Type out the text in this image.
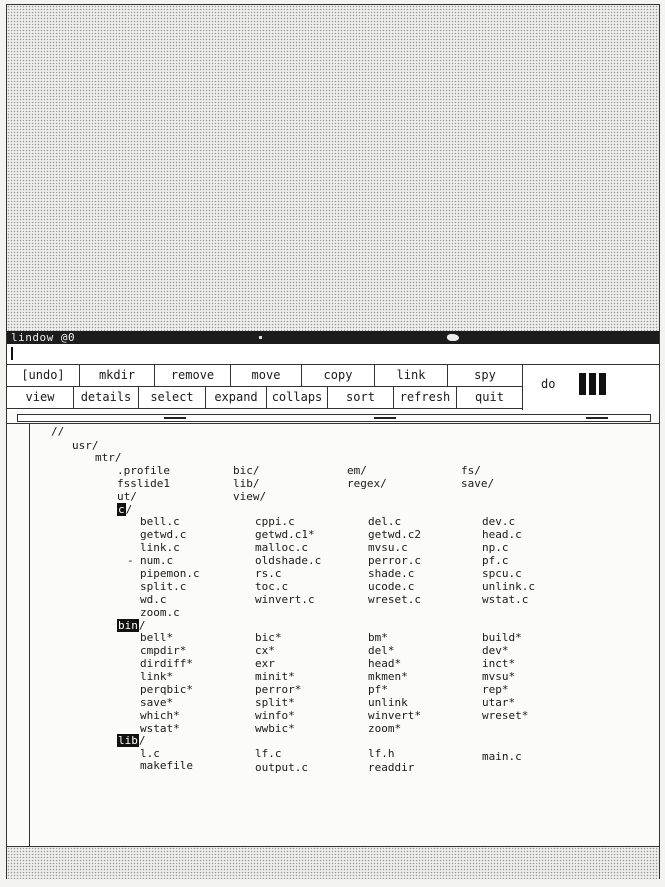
lindow @0
[undo]	mkdir	remove	move	copy	link	spy
view	details	select	expand	collaps	sort	refresh	quit
do
//
usr/
mtr/
.profile	bic/	em/	fs/
fsslide1	lib/	regex/	save/
ut/	view/
c/
bell.c	cppi.c	del.c	dev.c
getwd.c	getwd.c1*	getwd.c2	head.c
link.c	malloc.c	mvsu.c	np.c
- num.c	oldshade.c	perror.c	pf.c
pipemon.c	rs.c	shade.c	spcu.c
split.c	toc.c	ucode.c	unlink.c
wd.c	winvert.c	wreset.c	wstat.c
zoom.c
bin/
bell*	bic*	bm*	build*
cmpdir*	cx*	del*	dev*
dirdiff*	exr	head*	inct*
link*	minit*	mkmen*	mvsu*
perqbic*	perror*	pf*	rep*
save*	split*	unlink	utar*
which*	winfo*	winvert*	wreset*
wstat*	wwbic*	zoom*
lib/
l.c	lf.c	lf.h	main.c
makefile	output.c	readdir
